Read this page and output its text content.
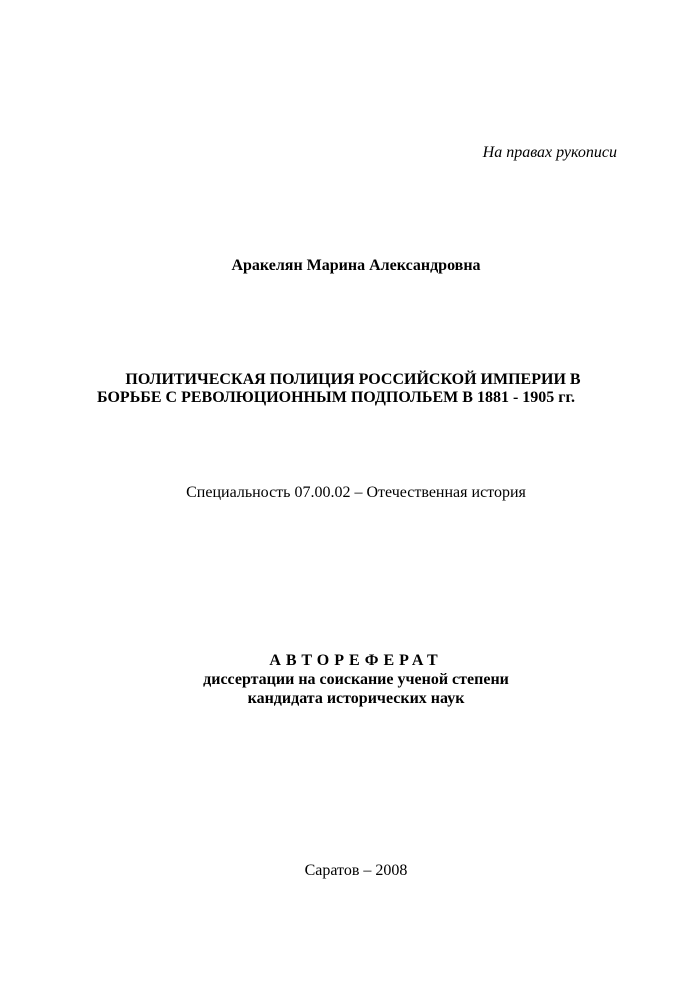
На правах рукописи
Аракелян Марина Александровна
ПОЛИТИЧЕСКАЯ ПОЛИЦИЯ РОССИЙСКОЙ ИМПЕРИИ В
БОРЬБЕ С РЕВОЛЮЦИОННЫМ ПОДПОЛЬЕМ В 1881 - 1905 гг.
Специальность 07.00.02 – Отечественная история
АВТОРЕФЕРАТ
диссертации на соискание ученой степени
кандидата исторических наук
Саратов – 2008
